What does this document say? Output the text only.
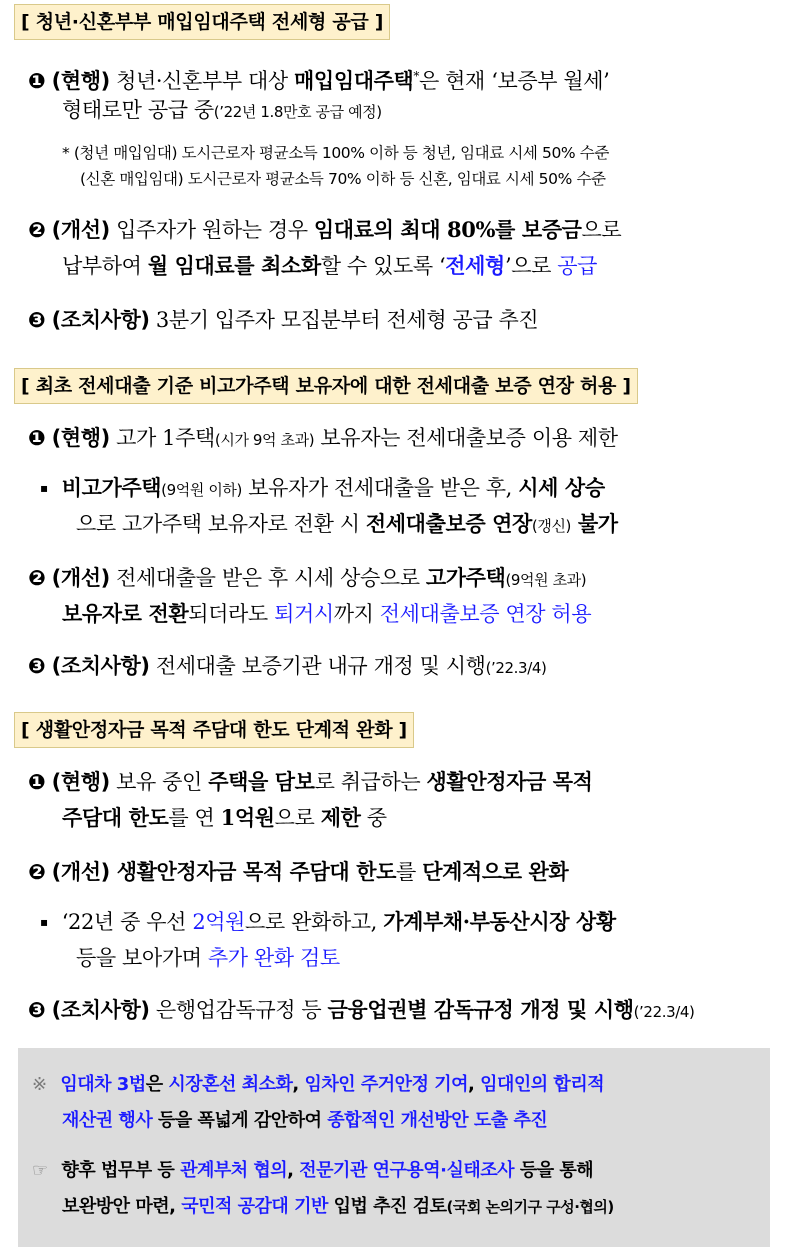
[ 청년·신혼부부 매입임대주택 전세형 공급 ]
❶ (현행) 청년·신혼부부 대상 매입임대주택*은 현재 ‘보증부 월세’
형태로만 공급 중(’22년 1.8만호 공급 예정)
* (청년 매입임대) 도시근로자 평균소득 100% 이하 등 청년, 임대료 시세 50% 수준
(신혼 매입임대) 도시근로자 평균소득 70% 이하 등 신혼, 임대료 시세 50% 수준
❷ (개선) 입주자가 원하는 경우 임대료의 최대 80%를 보증금으로
납부하여 월 임대료를 최소화할 수 있도록 ‘전세형’으로 공급
❸ (조치사항) 3분기 입주자 모집분부터 전세형 공급 추진
[ 최초 전세대출 기준 비고가주택 보유자에 대한 전세대출 보증 연장 허용 ]
❶ (현행) 고가 1주택(시가 9억 초과) 보유자는 전세대출보증 이용 제한
▪ 비고가주택(9억원 이하) 보유자가 전세대출을 받은 후, 시세 상승
으로 고가주택 보유자로 전환 시 전세대출보증 연장(갱신) 불가
❷ (개선) 전세대출을 받은 후 시세 상승으로 고가주택(9억원 초과)
보유자로 전환되더라도 퇴거시까지 전세대출보증 연장 허용
❸ (조치사항) 전세대출 보증기관 내규 개정 및 시행(’22.3/4)
[ 생활안정자금 목적 주담대 한도 단계적 완화 ]
❶ (현행) 보유 중인 주택을 담보로 취급하는 생활안정자금 목적
주담대 한도를 연 1억원으로 제한 중
❷ (개선) 생활안정자금 목적 주담대 한도를 단계적으로 완화
▪ ‘22년 중 우선 2억원으로 완화하고, 가계부채·부동산시장 상황
등을 보아가며 추가 완화 검토
❸ (조치사항) 은행업감독규정 등 금융업권별 감독규정 개정 및 시행(’22.3/4)
※ 임대차 3법은 시장혼선 최소화, 임차인 주거안정 기여, 임대인의 합리적
재산권 행사 등을 폭넓게 감안하여 종합적인 개선방안 도출 추진
☞ 향후 법무부 등 관계부처 협의, 전문기관 연구용역·실태조사 등을 통해
보완방안 마련, 국민적 공감대 기반 입법 추진 검토(국회 논의기구 구성·협의)
